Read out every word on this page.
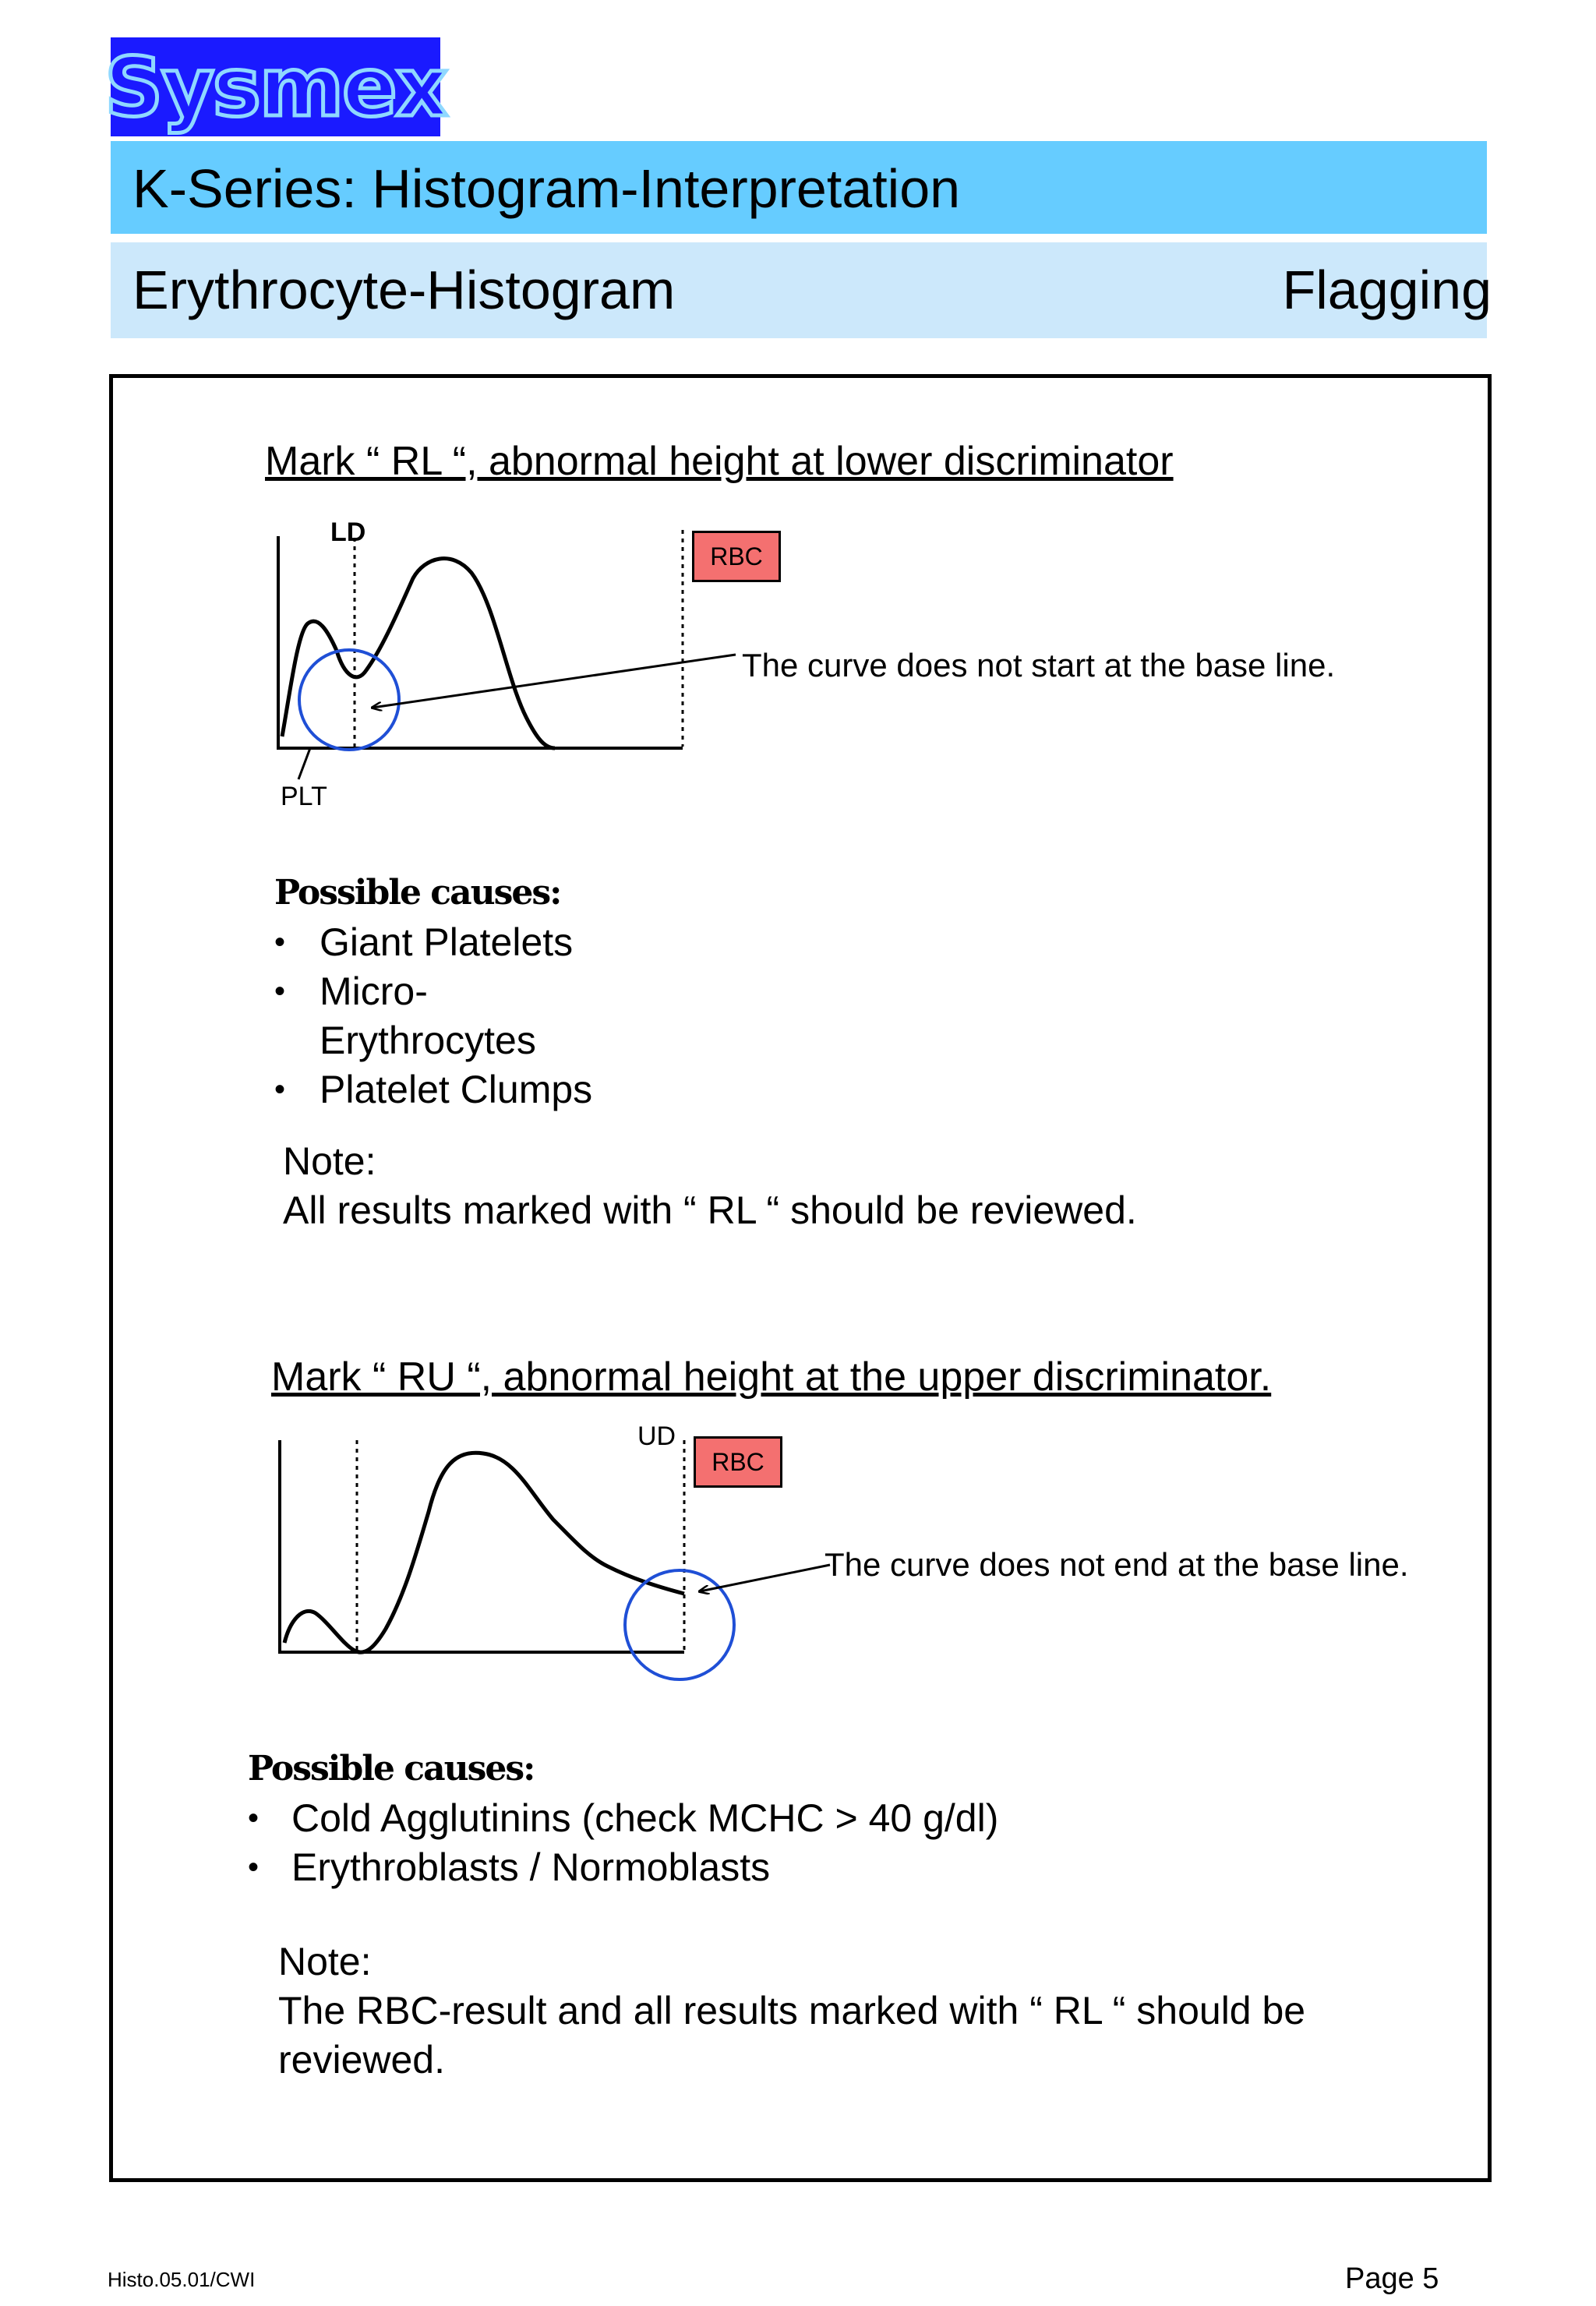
Sysmex
K-Series: Histogram-Interpretation
Erythrocyte-Histogram	Flagging
Mark “ RL “, abnormal height at lower discriminator
LD
RBC
The curve does not start at the base line.
PLT
Possible causes:
• Giant Platelets
• Micro-
Erythrocytes
• Platelet Clumps
Note:
All results marked with “ RL “ should be reviewed.
Mark “ RU “, abnormal height at the upper discriminator.
UD
RBC
The curve does not end at the base line.
Possible causes:
• Cold Agglutinins (check MCHC > 40 g/dl)
• Erythroblasts / Normoblasts
Note:
The RBC-result and all results marked with “ RL “ should be
reviewed.
Histo.05.01/CWI	Page 5
